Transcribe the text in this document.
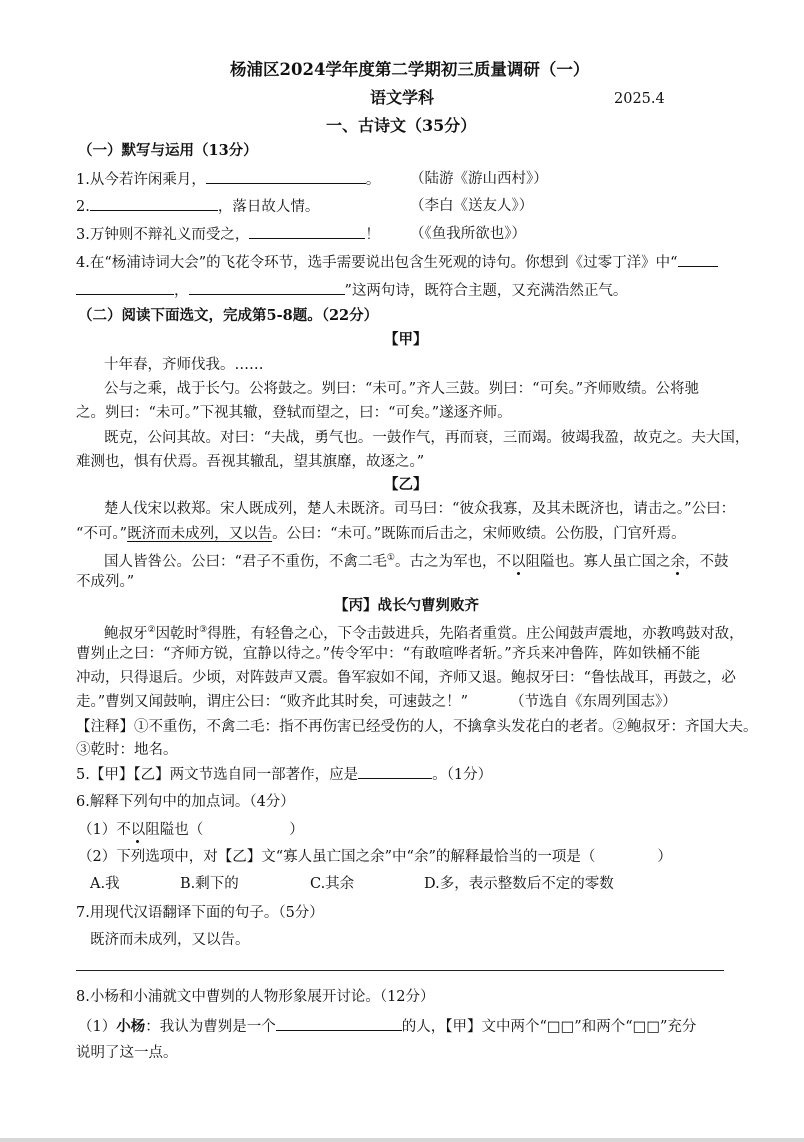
杨浦区2024学年度第二学期初三质量调研（一）
语文学科	2025.4
一、古诗文（35分）
（一）默写与运用（13分）
1.从今若许闲乘月，	。 （陆游《游山西村》）
2.	，落日故人情。	（李白《送友人》）
3.万钟则不辩礼义而受之，	！ （《鱼我所欲也》）
4.在“杨浦诗词大会”的飞花令环节，选手需要说出包含生死观的诗句。你想到《过零丁洋》中“
，	”这两句诗，既符合主题，又充满浩然正气。
（二）阅读下面选文，完成第5-8题。（22分）
【甲】
十年春，齐师伐我。……
公与之乘，战于长勺。公将鼓之。刿曰：“未可。”齐人三鼓。刿曰：“可矣。”齐师败绩。公将驰
之。刿曰：“未可。”下视其辙，登轼而望之，曰：“可矣。”遂逐齐师。
既克，公问其故。对曰：“夫战，勇气也。一鼓作气，再而衰，三而竭。彼竭我盈，故克之。夫大国，
难测也，惧有伏焉。吾视其辙乱，望其旗靡，故逐之。”
【乙】
楚人伐宋以救郑。宋人既成列，楚人未既济。司马曰：“彼众我寡，及其未既济也，请击之。”公曰：
“不可。”既济而未成列，又以告。公曰：“未可。”既陈而后击之，宋师败绩。公伤股，门官歼焉。
国人皆咎公。公曰：“君子不重伤，不禽二毛①。古之为军也，不以阻隘也。寡人虽亡国之余，不鼓
不成列。”
【丙】战长勺曹刿败齐
鲍叔牙②因乾时③得胜，有轻鲁之心，下令击鼓进兵，先陷者重赏。庄公闻鼓声震地，亦教鸣鼓对敌，
曹刿止之曰：“齐师方锐，宜静以待之。”传令军中：“有敢喧哗者斩。”齐兵来冲鲁阵，阵如铁桶不能
冲动，只得退后。少顷，对阵鼓声又震。鲁军寂如不闻，齐师又退。鲍叔牙曰：“鲁怯战耳，再鼓之，必
走。”曹刿又闻鼓响，谓庄公曰：“败齐此其时矣，可速鼓之！”	（节选自《东周列国志》）
【注释】①不重伤，不禽二毛：指不再伤害已经受伤的人，不擒拿头发花白的老者。②鲍叔牙：齐国大夫。
③乾时：地名。
5.【甲】【乙】两文节选自同一部著作，应是	。（1分）
6.解释下列句中的加点词。（4分）
（1）不以阻隘也（	）
（2）下列选项中，对【乙】文“寡人虽亡国之余”中“余”的解释最恰当的一项是（	）
A.我	B.剩下的	C.其余	D.多，表示整数后不定的零数
7.用现代汉语翻译下面的句子。（5分）
既济而未成列，又以告。
8.小杨和小浦就文中曹刿的人物形象展开讨论。（12分）
（1）小杨：我认为曹刿是一个	的人，【甲】文中两个“□□”和两个“□□”充分
说明了这一点。
